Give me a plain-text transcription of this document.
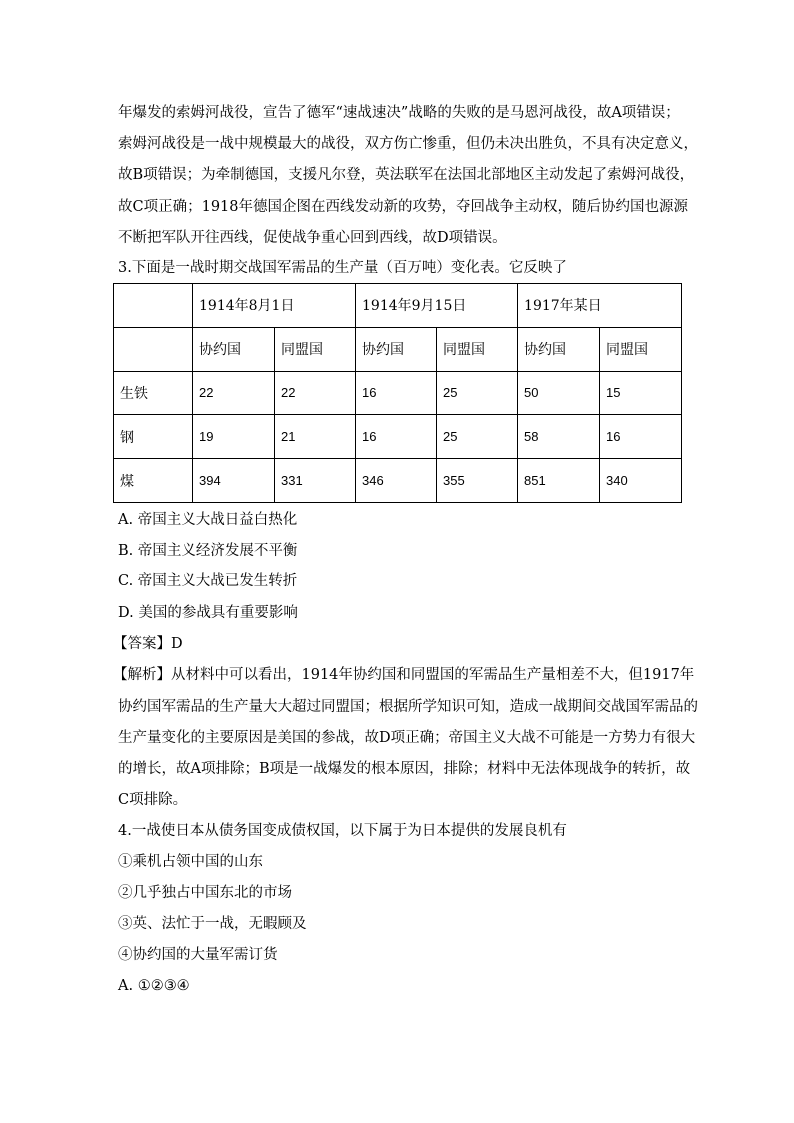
年爆发的索姆河战役，宣告了德军“速战速决”战略的失败的是马恩河战役，故A项错误；
索姆河战役是一战中规模最大的战役，双方伤亡惨重，但仍未决出胜负，不具有决定意义，
故B项错误；为牵制德国，支援凡尔登，英法联军在法国北部地区主动发起了索姆河战役，
故C项正确；1918年德国企图在西线发动新的攻势，夺回战争主动权，随后协约国也源源
不断把军队开往西线，促使战争重心回到西线，故D项错误。
3.下面是一战时期交战国军需品的生产量（百万吨）变化表。它反映了
	1914年8月1日		1914年9月15日		1917年某日	
	协约国	同盟国	协约国	同盟国	协约国	同盟国
生铁	22	22	16	25	50	15
钢	19	21	16	25	58	16
煤	394	331	346	355	851	340
A. 帝国主义大战日益白热化
B. 帝国主义经济发展不平衡
C. 帝国主义大战已发生转折
D. 美国的参战具有重要影响
【答案】D
【解析】从材料中可以看出，1914年协约国和同盟国的军需品生产量相差不大，但1917年
协约国军需品的生产量大大超过同盟国；根据所学知识可知，造成一战期间交战国军需品的
生产量变化的主要原因是美国的参战，故D项正确；帝国主义大战不可能是一方势力有很大
的增长，故A项排除；B项是一战爆发的根本原因，排除；材料中无法体现战争的转折，故
C项排除。
4.一战使日本从债务国变成债权国，以下属于为日本提供的发展良机有
①乘机占领中国的山东
②几乎独占中国东北的市场
③英、法忙于一战，无暇顾及
④协约国的大量军需订货
A. ①②③④
